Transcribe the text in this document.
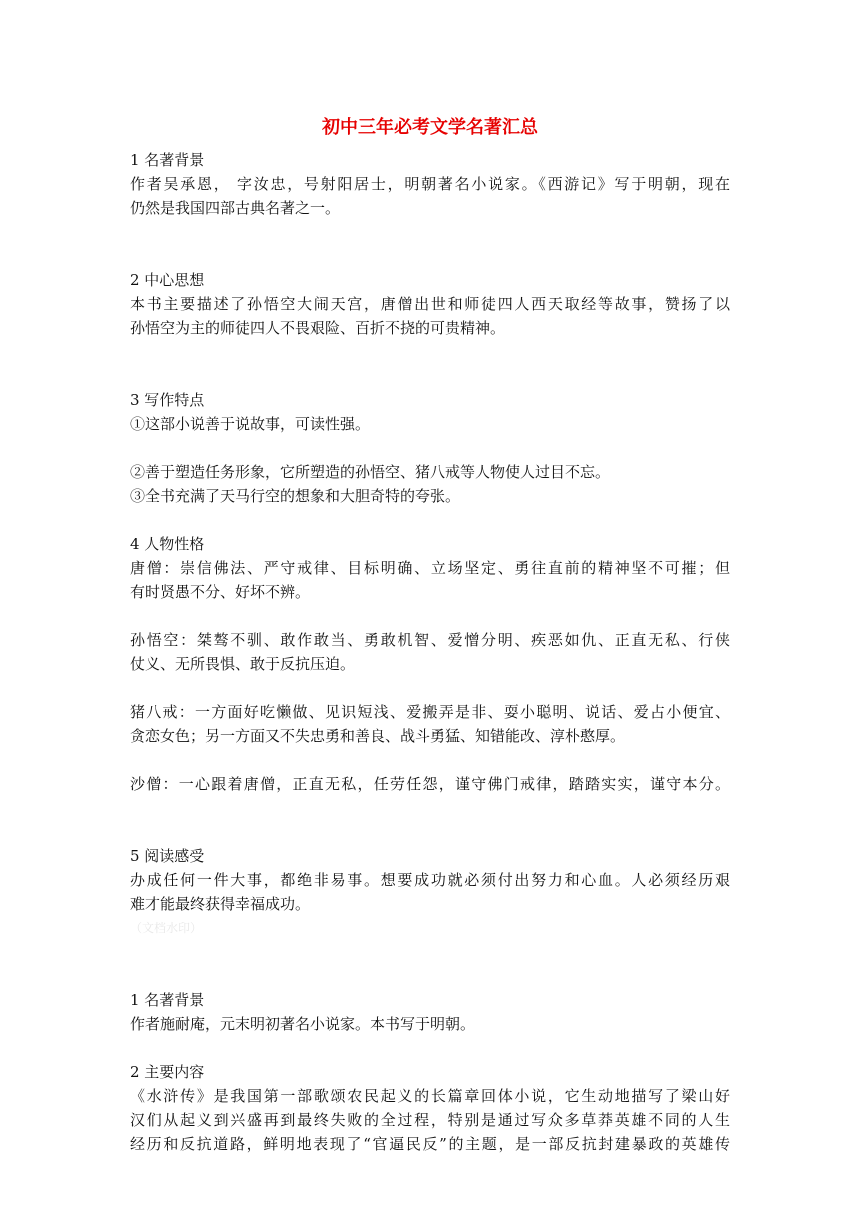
初中三年必考文学名著汇总
1 名著背景
作者吴承恩， 字汝忠，号射阳居士，明朝著名小说家。《西游记》写于明朝，现在
仍然是我国四部古典名著之一。
2 中心思想
本书主要描述了孙悟空大闹天宫，唐僧出世和师徒四人西天取经等故事，赞扬了以
孙悟空为主的师徒四人不畏艰险、百折不挠的可贵精神。
3 写作特点
①这部小说善于说故事，可读性强。
②善于塑造任务形象，它所塑造的孙悟空、猪八戒等人物使人过目不忘。
③全书充满了天马行空的想象和大胆奇特的夸张。
4 人物性格
唐僧：崇信佛法、严守戒律、目标明确、立场坚定、勇往直前的精神坚不可摧；但
有时贤愚不分、好坏不辨。
孙悟空：桀骜不驯、敢作敢当、勇敢机智、爱憎分明、疾恶如仇、正直无私、行侠
仗义、无所畏惧、敢于反抗压迫。
猪八戒：一方面好吃懒做、见识短浅、爱搬弄是非、耍小聪明、说话、爱占小便宜、
贪恋女色；另一方面又不失忠勇和善良、战斗勇猛、知错能改、淳朴憨厚。
沙僧：一心跟着唐僧，正直无私，任劳任怨，谨守佛门戒律，踏踏实实，谨守本分。
5 阅读感受
办成任何一件大事，都绝非易事。想要成功就必须付出努力和心血。人必须经历艰
难才能最终获得幸福成功。
（文档水印）
1 名著背景
作者施耐庵，元末明初著名小说家。本书写于明朝。
2 主要内容
《水浒传》是我国第一部歌颂农民起义的长篇章回体小说，它生动地描写了梁山好
汉们从起义到兴盛再到最终失败的全过程，特别是通过写众多草莽英雄不同的人生
经历和反抗道路，鲜明地表现了“官逼民反”的主题，是一部反抗封建暴政的英雄传
